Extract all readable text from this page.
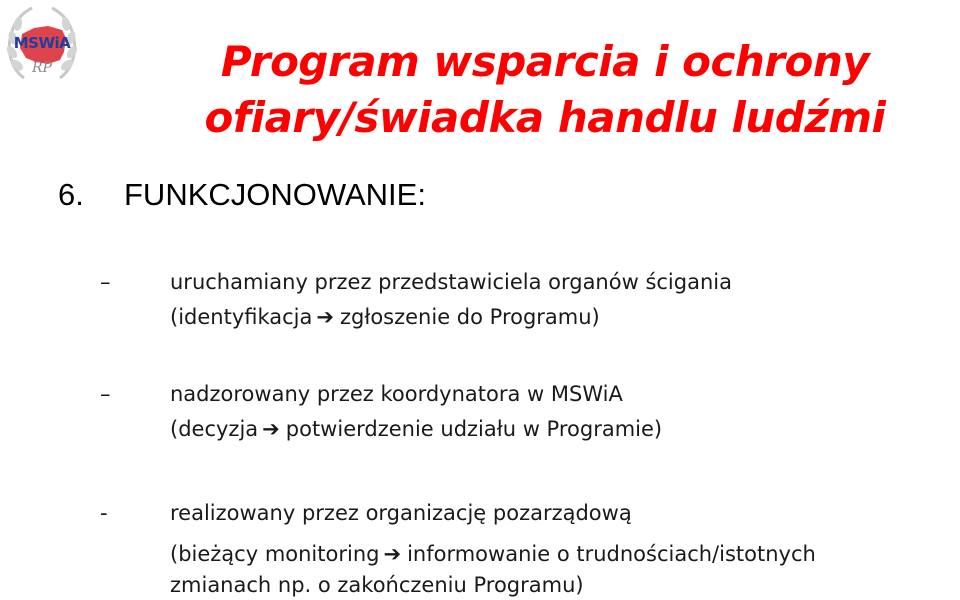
MSWiA
RP	Program wsparcia i ochrony
ofiary/świadka handlu ludźmi
6. FUNKCJONOWANIE:
–	uruchamiany przez przedstawiciela organów ścigania
(identyfikacja ➔ zgłoszenie do Programu)
–	nadzorowany przez koordynatora w MSWiA
(decyzja ➔ potwierdzenie udziału w Programie)
-	realizowany przez organizację pozarządową
(bieżący monitoring ➔ informowanie o trudnościach/istotnych
zmianach np. o zakończeniu Programu)
